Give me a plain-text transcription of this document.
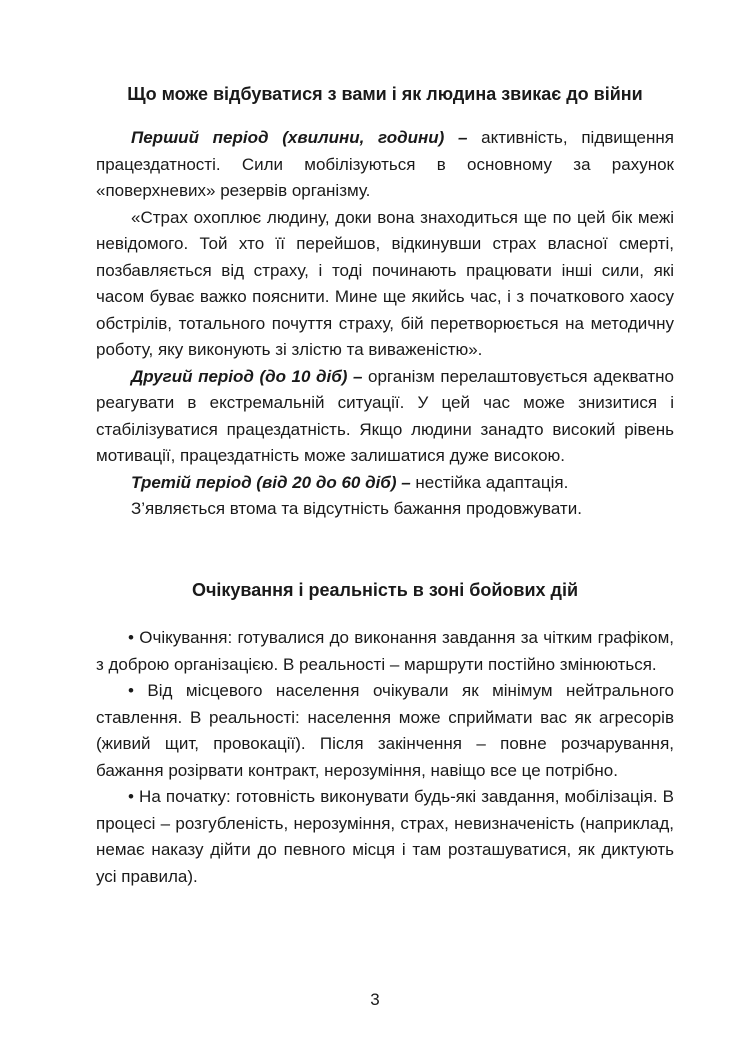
Що може відбуватися з вами і як людина звикає до війни

Перший період (хвилини, години) – активність, підвищення працездатності. Сили мобілізуються в основному за рахунок «поверхневих» резервів організму.

«Страх охоплює людину, доки вона знаходиться ще по цей бік межі невідомого. Той хто її перейшов, відкинувши страх власної смерті, позбавляється від страху, і тоді починають працювати інші сили, які часом буває важко пояснити. Мине ще якийсь час, і з початкового хаосу обстрілів, тотального почуття страху, бій перетворюється на методичну роботу, яку виконують зі злістю та виваженістю».

Другий період (до 10 діб) – організм перелаштовується адекватно реагувати в екстремальній ситуації. У цей час може знизитися і стабілізуватися працездатність. Якщо людини занадто високий рівень мотивації, працездатність може залишатися дуже високою.

Третій період (від 20 до 60 діб) – нестійка адаптація.

З’являється втома та відсутність бажання продовжувати.

Очікування і реальність в зоні бойових дій

• Очікування: готувалися до виконання завдання за чітким графіком, з доброю організацією. В реальності – маршрути постійно змінюються.

• Від місцевого населення очікували як мінімум нейтрального ставлення. В реальності: населення може сприймати вас як агресорів (живий щит, провокації). Після закінчення – повне розчарування, бажання розірвати контракт, нерозуміння, навіщо все це потрібно.

• На початку: готовність виконувати будь-які завдання, мобілізація. В процесі – розгубленість, нерозуміння, страх, невизначеність (наприклад, немає наказу дійти до певного місця і там розташуватися, як диктують усі правила).

3
